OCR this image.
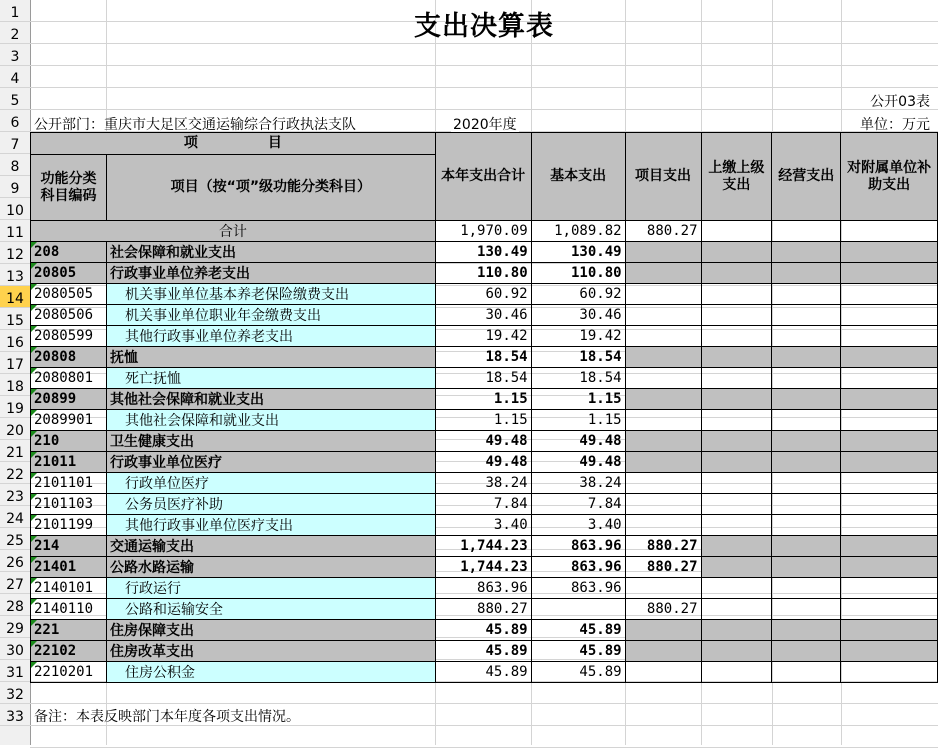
1
2
3
4
5
6
7
8
9
10
11
12
13
14
15
16
17
18
19
20
21
22
23
24
25
26
27
28
29
30
31
32
33
支出决算表
公开03表
公开部门：重庆市大足区交通运输综合行政执法支队	2020年度	单位：万元
项　　　　　目		本年支出合计	基本支出	项目支出	上缴上级支出	经营支出	对附属单位补助支出
功能分类科目编码	项目（按“项”级功能分类科目）						

合计		1,970.09	1,089.82	880.27			
208	社会保障和就业支出	130.49	130.49				
20805	行政事业单位养老支出	110.80	110.80				
2080505	机关事业单位基本养老保险缴费支出	60.92	60.92				
2080506	机关事业单位职业年金缴费支出	30.46	30.46				
2080599	其他行政事业单位养老支出	19.42	19.42				
20808	抚恤	18.54	18.54				
2080801	死亡抚恤	18.54	18.54				
20899	其他社会保障和就业支出	1.15	1.15				
2089901	其他社会保障和就业支出	1.15	1.15				
210	卫生健康支出	49.48	49.48				
21011	行政事业单位医疗	49.48	49.48				
2101101	行政单位医疗	38.24	38.24				
2101103	公务员医疗补助	7.84	7.84				
2101199	其他行政事业单位医疗支出	3.40	3.40				
214	交通运输支出	1,744.23	863.96	880.27			
21401	公路水路运输	1,744.23	863.96	880.27			
2140101	行政运行	863.96	863.96				
2140110	公路和运输安全	880.27		880.27			
221	住房保障支出	45.89	45.89				
22102	住房改革支出	45.89	45.89				
2210201	住房公积金	45.89	45.89				
备注：本表反映部门本年度各项支出情况。
